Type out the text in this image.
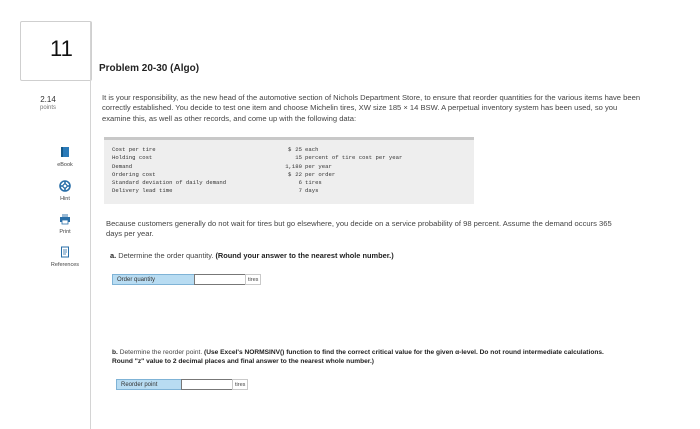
11
2.14
points
eBook
Hint
Print
References
Problem 20-30 (Algo)
It is your responsibility, as the new head of the automotive section of Nichols Department Store, to ensure that reorder quantities for the various items have been correctly established. You decide to test one item and choose Michelin tires, XW size 185 × 14 BSW. A perpetual inventory system has been used, so you examine this, as well as other records, and come up with the following data:
Cost per tire	$ 25 each
Holding cost	15 percent of tire cost per year
Demand	1,180 per year
Ordering cost	$ 22 per order
Standard deviation of daily demand	6 tires
Delivery lead time	7 days
Because customers generally do not wait for tires but go elsewhere, you decide on a service probability of 98 percent. Assume the demand occurs 365 days per year.
a. Determine the order quantity. (Round your answer to the nearest whole number.)
Order quantity	tires
b. Determine the reorder point. (Use Excel's NORMSINV() function to find the correct critical value for the given α-level. Do not round intermediate calculations. Round "z" value to 2 decimal places and final answer to the nearest whole number.)
Reorder point	tires
